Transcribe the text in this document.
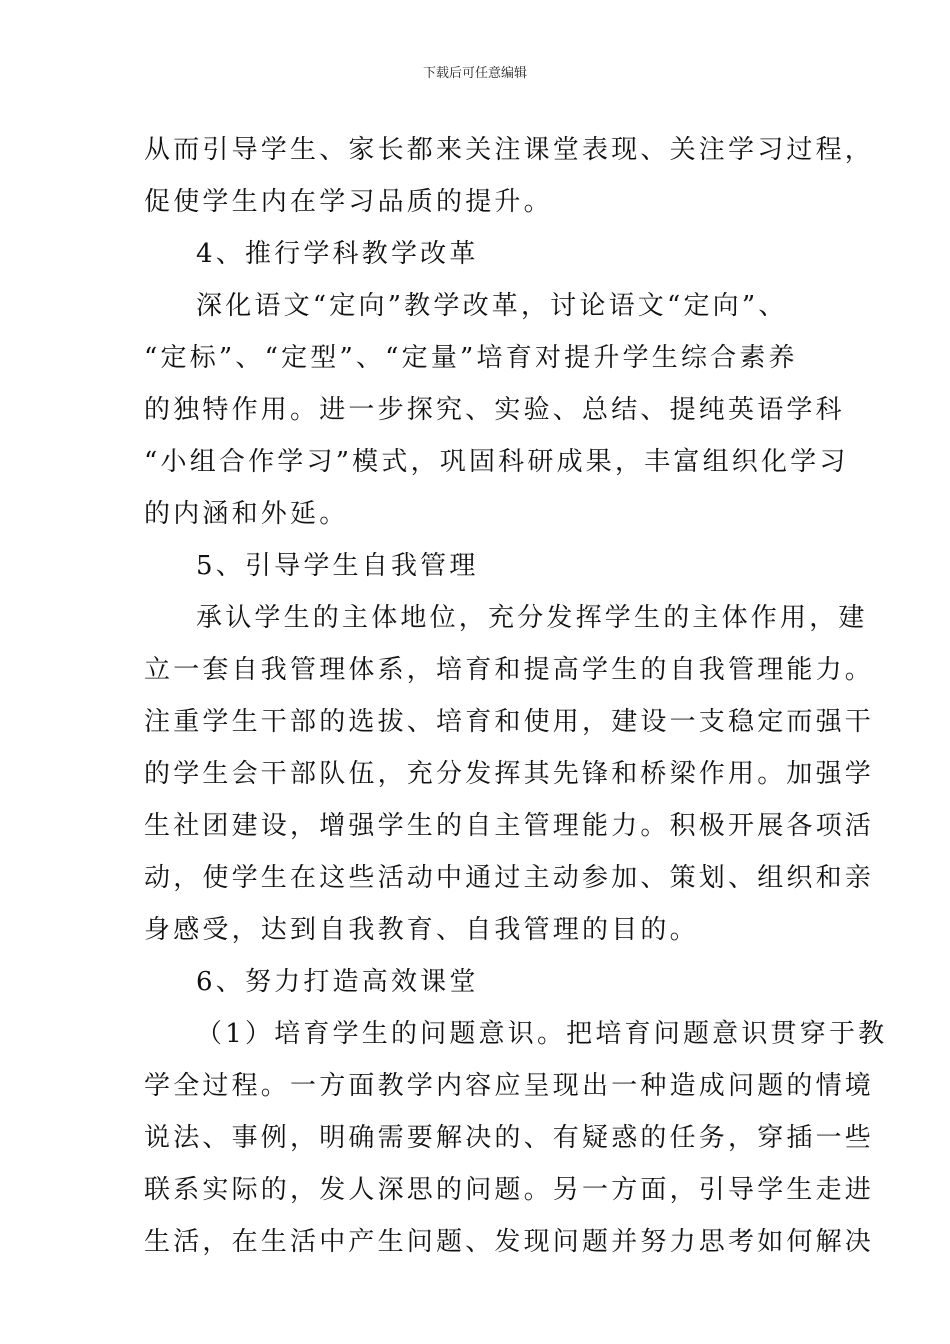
下载后可任意编辑
从而引导学生、家长都来关注课堂表现、关注学习过程，
促使学生内在学习品质的提升。
4、推行学科教学改革
深化语文“定向”教学改革，讨论语文“定向”、
“定标”、“定型”、“定量”培育对提升学生综合素养
的独特作用。进一步探究、实验、总结、提纯英语学科
“小组合作学习”模式，巩固科研成果，丰富组织化学习
的内涵和外延。
5、引导学生自我管理
承认学生的主体地位，充分发挥学生的主体作用，建
立一套自我管理体系，培育和提高学生的自我管理能力。
注重学生干部的选拔、培育和使用，建设一支稳定而强干
的学生会干部队伍，充分发挥其先锋和桥梁作用。加强学
生社团建设，增强学生的自主管理能力。积极开展各项活
动，使学生在这些活动中通过主动参加、策划、组织和亲
身感受，达到自我教育、自我管理的目的。
6、努力打造高效课堂
（1）培育学生的问题意识。把培育问题意识贯穿于教
学全过程。一方面教学内容应呈现出一种造成问题的情境
说法、事例，明确需要解决的、有疑惑的任务，穿插一些
联系实际的，发人深思的问题。另一方面，引导学生走进
生活，在生活中产生问题、发现问题并努力思考如何解决
